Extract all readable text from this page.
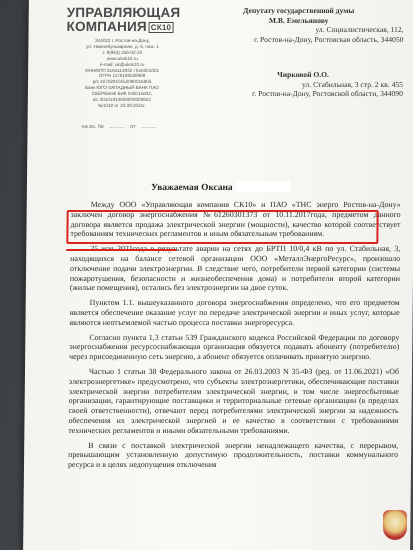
УПРАВЛЯЮЩАЯ
КОМПАНИЯ СК10
344022 г. Ростов-на-Дону,
ул. Нижнебульварная, д. 6, пом. 1
т. 8(863) 256-02-20
www.uksk10.ru
e-mail: uk@uksk10.ru
ИНН/КПП 6164114832 / 616301001
ОГРН 1176196028968
р/с 40702810552090016905
Банк ЮГО-ЗАПАДНЫЙ БАНК ПАО
СБЕРБАНК БИК 046015602,
к/с 30101810600000000602
№1018 от 23.09.2021г.
Депутату государственной думы
М.В. Емельянову
ул. Социалистическая, 112,
г. Ростов-на-Дону, Ростовская область, 344050
Чирковой О.О.
ул. Стабильная, 3 стр. 2 кв. 455
г. Ростов-на-Дону, Ростовской области, 344090
на вх. № .......... от ..........
Уважаемая Оксана

Между ООО «Управляющая компания СК10» и ПАО «ТНС энерго Ростов-на-Дону» заключен договор энергоснабжения №61260301373 от 10.11.2017года, предметом данного договора является продажа электрической энергии (мощности), качество которой соответствует требованиям технических регламентов и иным обязательным требованиям.

25 мая 2021года в результате аварии на сетях до БРТП 10/0,4 кВ по ул. Стабильная, 3, находящихся на балансе сетевой организации ООО «МеталлЭнергоРесурс», произошло отключение подачи электроэнергии. В следствие чего, потребители первой категории (системы пожаротушения, безопасности и жизнеобеспечения дома) и потребители второй категории (жилые помещения), остались без электроэнергии на двое суток.

Пунктом 1.1. вышеуказанного договора энергоснабжения определено, что его предметом является обеспечение оказание услуг по передаче электрической энергии и иных услуг, которые являются неотъемлемой частью процесса поставки энергоресурса.

Согласно пункта 1,3 статьи 539 Гражданского кодекса Российской Федерации по договору энергоснабжения ресурсоснабжающая организация обязуется подавать абоненту (потребителю) через присоединенную сеть энергию, а абонент обязуется оплачивать принятую энергию.

Частью 1 статьи 38 Федерального закона от 26.03.2003 N 35-ФЗ (ред. от 11.06.2021) «Об электроэнергетике» предусмотрено, что субъекты электроэнергетики, обеспечивающие поставки электрической энергии потребителям электрической энергии, в том числе энергосбытовые организации, гарантирующие поставщики и территориальные сетевые организации (в пределах своей ответственности), отвечают перед потребителями электрической энергии за надежность обеспечения их электрической энергией и ее качество в соответствии с требованиями технических регламентов и иными обязательными требованиями.

В связи с поставкой электрической энергии ненадлежащего качества, с перерывом, превышающим установленную допустимую продолжительность, поставки коммунального ресурса и в целях недопущения отключения
